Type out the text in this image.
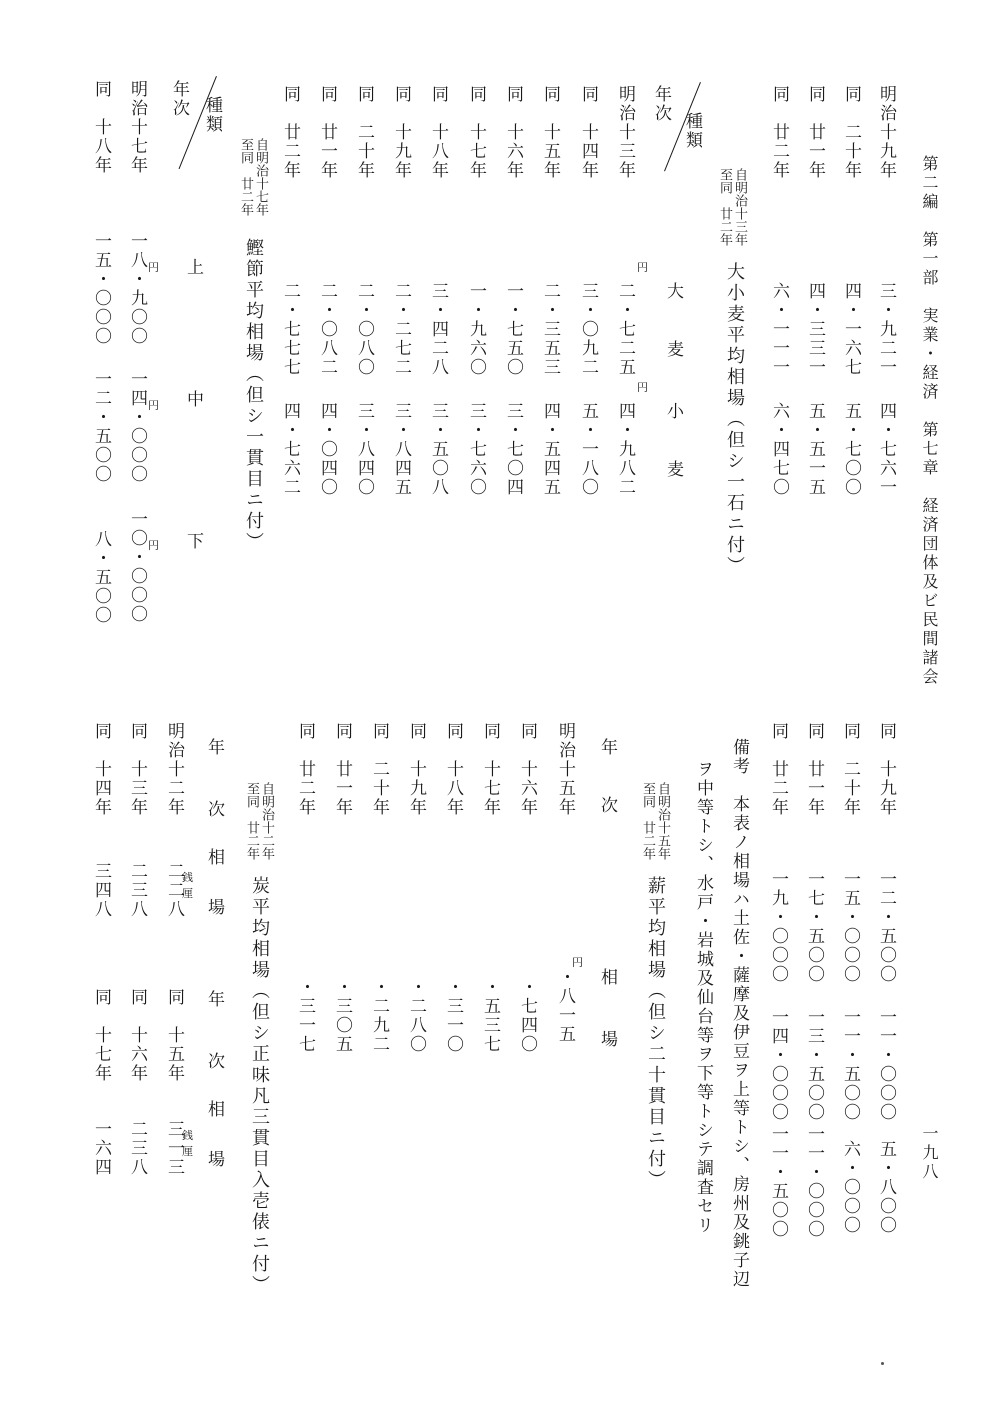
第二編　第一部　実業・経済　第七章　経済団体及ビ民間諸会
一九八
明治十九年
三・九二一
四・七六一
同　二十年
四・一六七
五・七〇〇
同　廿一年
四・三三一
五・五一五
同　廿二年
六・一一一
六・四七〇
自明治十三年
至同　廿二年
大小麦平均相場（但シ一石ニ付）
種類
年次
大　麦
小　麦
円
円
明治十三年
二・七二五
四・九八二
同　十四年
三・〇九二
五・一八〇
同　十五年
二・三五三
四・五四五
同　十六年
一・七五〇
三・七〇四
同　十七年
一・九六〇
三・七六〇
同　十八年
三・四二八
三・五〇八
同　十九年
二・二七二
三・八四五
同　二十年
二・〇八〇
三・八四〇
同　廿一年
二・〇八二
四・〇四〇
同　廿二年
二・七七七
四・七六二
自明治十七年
至同　廿二年
鰹節平均相場（但シ一貫目ニ付）
種類
年次
上
中
下
円
円
円
明治十七年
一八・九〇〇
一四・〇〇〇
一〇・〇〇〇
同　十八年
一五・〇〇〇
一二・五〇〇
八・五〇〇
同　十九年
一二・五〇〇
一一・〇〇〇
五・八〇〇
同　二十年
一五・〇〇〇
一一・五〇〇
六・〇〇〇
同　廿一年
一七・五〇〇
一三・五〇〇
一一・〇〇〇
同　廿二年
一九・〇〇〇
一四・〇〇〇
一一・五〇〇
備考　本表ノ相場ハ土佐・薩摩及伊豆ヲ上等トシ、房州及銚子辺
ヲ中等トシ、水戸・岩城及仙台等ヲ下等トシテ調査セリ
自明治十五年
至同　廿二年
薪平均相場（但シ二十貫目ニ付）
年　次
相　場
円
明治十五年
・八一五
同　十六年
・七四〇
同　十七年
・五三七
同　十八年
・三一〇
同　十九年
・二八〇
同　二十年
・二九二
同　廿一年
・三〇五
同　廿二年
・三一七
自明治十二年
至同　廿二年
炭平均相場（但シ正味凡三貫目入壱俵ニ付）
年　次
相　場
年　次
相　場
銭
厘
銭
厘
明治十二年
二二八
同　十三年
二三八
同　十四年
三四八
同　十五年
三一三
同　十六年
二三八
同　十七年
一六四
